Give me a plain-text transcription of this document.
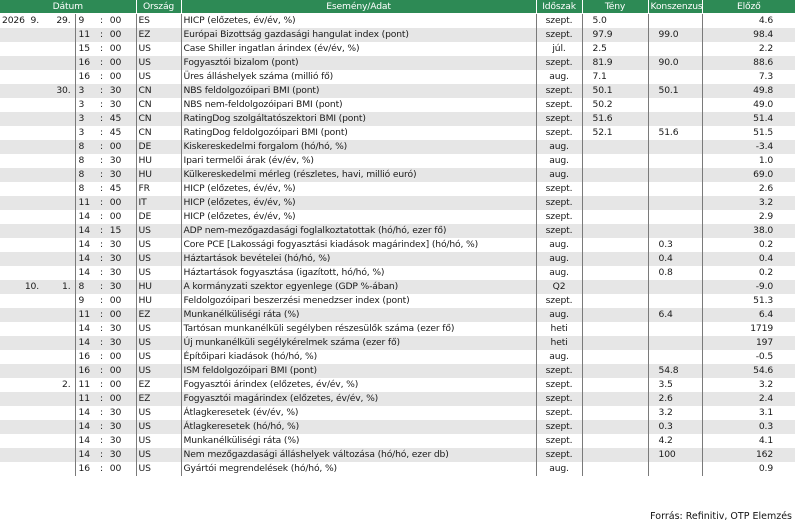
Dátum				Ország	Esemény/Adat	Időszak	Tény	Konszenzus	Előző
2026	9.	29.	9 : 00	ES	HICP (előzetes, év/év, %)	szept.	5.0		4.6
			11 : 00	EZ	Európai Bizottság gazdasági hangulat index (pont)	szept.	97.9	99.0	98.4
			15 : 00	US	Case Shiller ingatlan árindex (év/év, %)	júl.	2.5		2.2
			16 : 00	US	Fogyasztói bizalom (pont)	szept.	81.9	90.0	88.6
			16 : 00	US	Üres álláshelyek száma (millió fő)	aug.	7.1		7.3
		30.	3 : 30	CN	NBS feldolgozóipari BMI (pont)	szept.	50.1	50.1	49.8
			3 : 30	CN	NBS nem-feldolgozóipari BMI (pont)	szept.	50.2		49.0
			3 : 45	CN	RatingDog szolgáltatószektori BMI (pont)	szept.	51.6		51.4
			3 : 45	CN	RatingDog feldolgozóipari BMI (pont)	szept.	52.1	51.6	51.5
			8 : 00	DE	Kiskereskedelmi forgalom (hó/hó, %)	aug.			-3.4
			8 : 30	HU	Ipari termelői árak (év/év, %)	aug.			1.0
			8 : 30	HU	Külkereskedelmi mérleg (részletes, havi, millió euró)	aug.			69.0
			8 : 45	FR	HICP (előzetes, év/év, %)	szept.			2.6
			11 : 00	IT	HICP (előzetes, év/év, %)	szept.			3.2
			14 : 00	DE	HICP (előzetes, év/év, %)	szept.			2.9
			14 : 15	US	ADP nem-mezőgazdasági foglalkoztatottak (hó/hó, ezer fő)	szept.			38.0
			14 : 30	US	Core PCE [Lakossági fogyasztási kiadások magárindex] (hó/hó, %)	aug.		0.3	0.2
			14 : 30	US	Háztartások bevételei (hó/hó, %)	aug.		0.4	0.4
			14 : 30	US	Háztartások fogyasztása (igazított, hó/hó, %)	aug.		0.8	0.2
	10.	1.	8 : 30	HU	A kormányzati szektor egyenlege (GDP %-ában)	Q2			-9.0
			9 : 00	HU	Feldolgozóipari beszerzési menedzser index (pont)	szept.			51.3
			11 : 00	EZ	Munkanélküliségi ráta (%)	aug.		6.4	6.4
			14 : 30	US	Tartósan munkanélküli segélyben részesülők száma (ezer fő)	heti			1719
			14 : 30	US	Új munkanélküli segélykérelmek száma (ezer fő)	heti			197
			16 : 00	US	Építőipari kiadások (hó/hó, %)	aug.			-0.5
			16 : 00	US	ISM feldolgozóipari BMI (pont)	szept.		54.8	54.6
		2.	11 : 00	EZ	Fogyasztói árindex (előzetes, év/év, %)	szept.		3.5	3.2
			11 : 00	EZ	Fogyasztói magárindex (előzetes, év/év, %)	szept.		2.6	2.4
			14 : 30	US	Átlagkeresetek (év/év, %)	szept.		3.2	3.1
			14 : 30	US	Átlagkeresetek (hó/hó, %)	szept.		0.3	0.3
			14 : 30	US	Munkanélküliségi ráta (%)	szept.		4.2	4.1
			14 : 30	US	Nem mezőgazdasági álláshelyek változása (hó/hó, ezer db)	szept.		100	162
			16 : 00	US	Gyártói megrendelések (hó/hó, %)	aug.			0.9
Forrás: Refinitiv, OTP Elemzés
